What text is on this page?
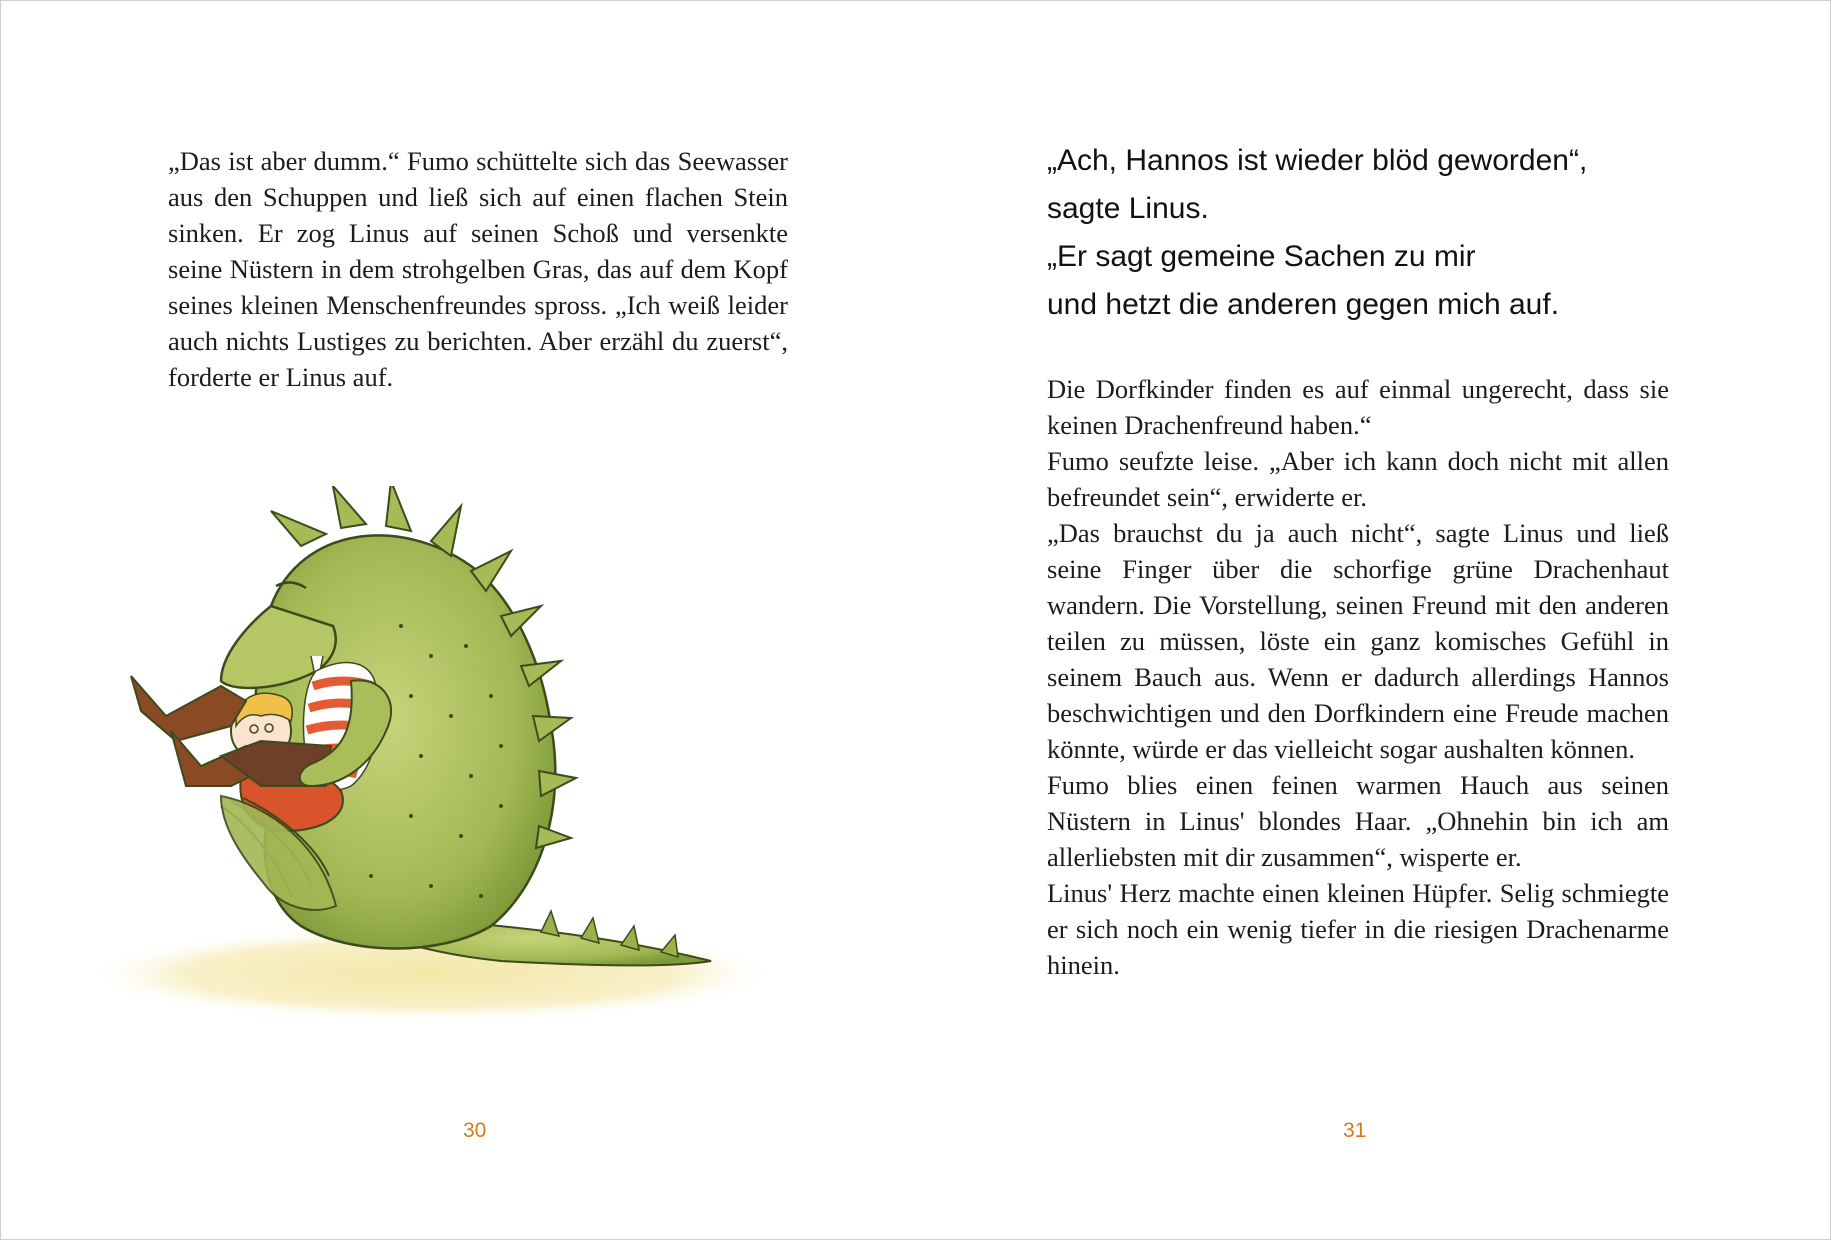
„Das ist aber dumm.“ Fumo schüttelte sich das Seewasser aus den Schuppen und ließ sich auf einen flachen Stein sinken. Er zog Linus auf seinen Schoß und versenkte seine Nüstern in dem strohgelben Gras, das auf dem Kopf seines kleinen Menschenfreundes spross. „Ich weiß leider auch nichts Lustiges zu berichten. Aber erzähl du zuerst“, forderte er Linus auf.

30
„Ach, Hannos ist wieder blöd geworden“,
sagte Linus.
„Er sagt gemeine Sachen zu mir
und hetzt die anderen gegen mich auf.

Die Dorfkinder finden es auf einmal ungerecht, dass sie keinen Drachenfreund haben.“

Fumo seufzte leise. „Aber ich kann doch nicht mit allen befreundet sein“, erwiderte er.

„Das brauchst du ja auch nicht“, sagte Linus und ließ seine Finger über die schorfige grüne Drachenhaut wandern. Die Vorstellung, seinen Freund mit den anderen teilen zu müssen, löste ein ganz komisches Gefühl in seinem Bauch aus. Wenn er dadurch allerdings Hannos beschwichtigen und den Dorfkindern eine Freude machen könnte, würde er das vielleicht sogar aushalten können.

Fumo blies einen feinen warmen Hauch aus seinen Nüstern in Linus' blondes Haar. „Ohnehin bin ich am allerliebsten mit dir zusammen“, wisperte er.

Linus' Herz machte einen kleinen Hüpfer. Selig schmiegte er sich noch ein wenig tiefer in die riesigen Drachenarme hinein.

31
